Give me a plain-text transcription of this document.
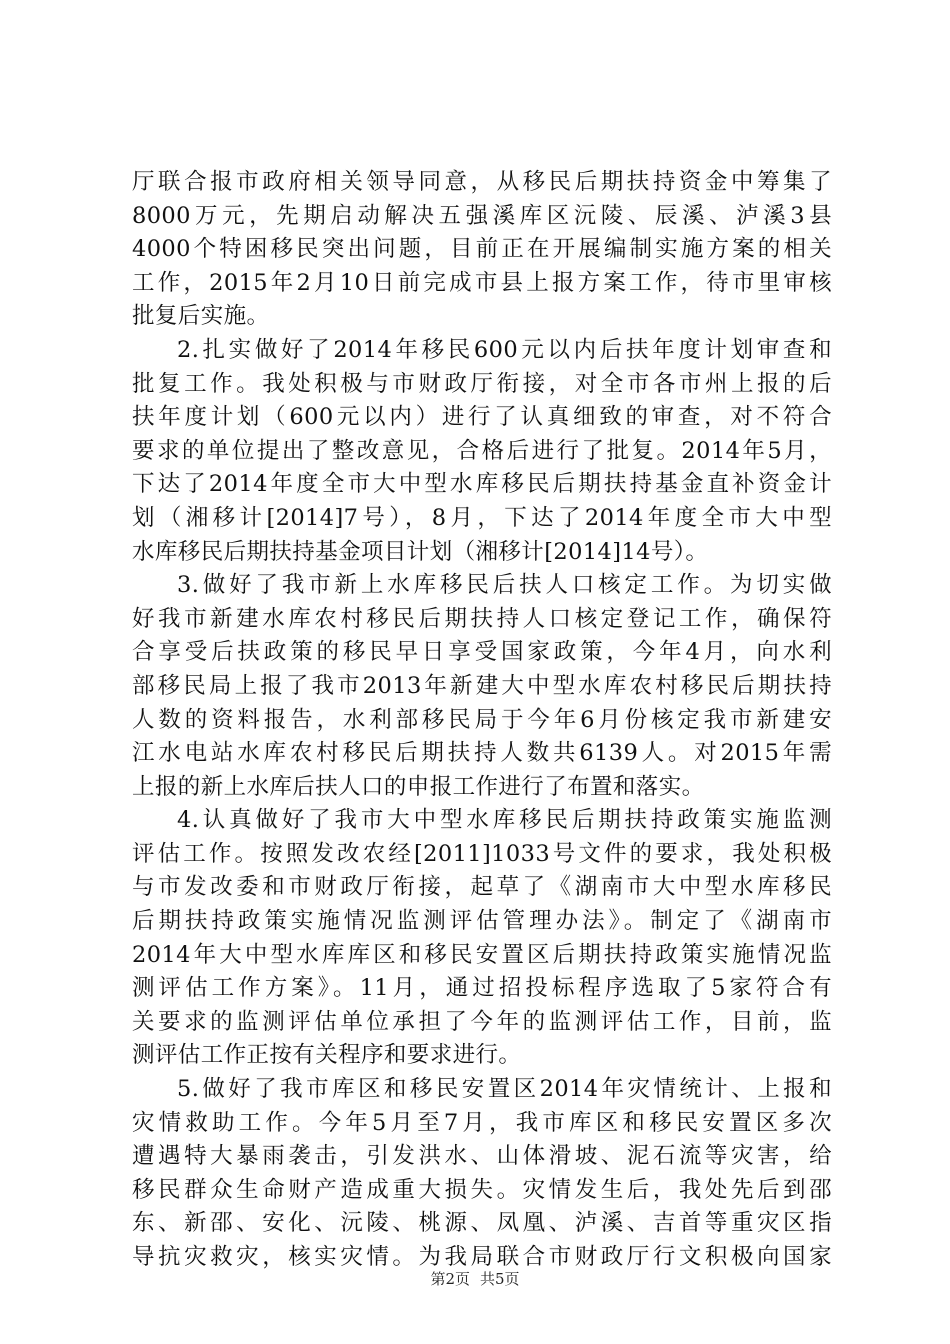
厅联合报市政府相关领导同意，从移民后期扶持资金中筹集了
8000万元，先期启动解决五强溪库区沅陵、辰溪、泸溪3县
4000个特困移民突出问题，目前正在开展编制实施方案的相关
工作，2015年2月10日前完成市县上报方案工作，待市里审核
批复后实施。
2.扎实做好了2014年移民600元以内后扶年度计划审查和
批复工作。我处积极与市财政厅衔接，对全市各市州上报的后
扶年度计划（600元以内）进行了认真细致的审查，对不符合
要求的单位提出了整改意见，合格后进行了批复。2014年5月，
下达了2014年度全市大中型水库移民后期扶持基金直补资金计
划（湘移计[2014]7号），8月，下达了2014年度全市大中型
水库移民后期扶持基金项目计划（湘移计[2014]14号）。
3.做好了我市新上水库移民后扶人口核定工作。为切实做
好我市新建水库农村移民后期扶持人口核定登记工作，确保符
合享受后扶政策的移民早日享受国家政策，今年4月，向水利
部移民局上报了我市2013年新建大中型水库农村移民后期扶持
人数的资料报告，水利部移民局于今年6月份核定我市新建安
江水电站水库农村移民后期扶持人数共6139人。对2015年需
上报的新上水库后扶人口的申报工作进行了布置和落实。
4.认真做好了我市大中型水库移民后期扶持政策实施监测
评估工作。按照发改农经[2011]1033号文件的要求，我处积极
与市发改委和市财政厅衔接，起草了《湖南市大中型水库移民
后期扶持政策实施情况监测评估管理办法》。制定了《湖南市
2014年大中型水库库区和移民安置区后期扶持政策实施情况监
测评估工作方案》。11月，通过招投标程序选取了5家符合有
关要求的监测评估单位承担了今年的监测评估工作，目前，监
测评估工作正按有关程序和要求进行。
5.做好了我市库区和移民安置区2014年灾情统计、上报和
灾情救助工作。今年5月至7月，我市库区和移民安置区多次
遭遇特大暴雨袭击，引发洪水、山体滑坡、泥石流等灾害，给
移民群众生命财产造成重大损失。灾情发生后，我处先后到邵
东、新邵、安化、沅陵、桃源、凤凰、泸溪、吉首等重灾区指
导抗灾救灾，核实灾情。为我局联合市财政厅行文积极向国家
第2页 共5页
